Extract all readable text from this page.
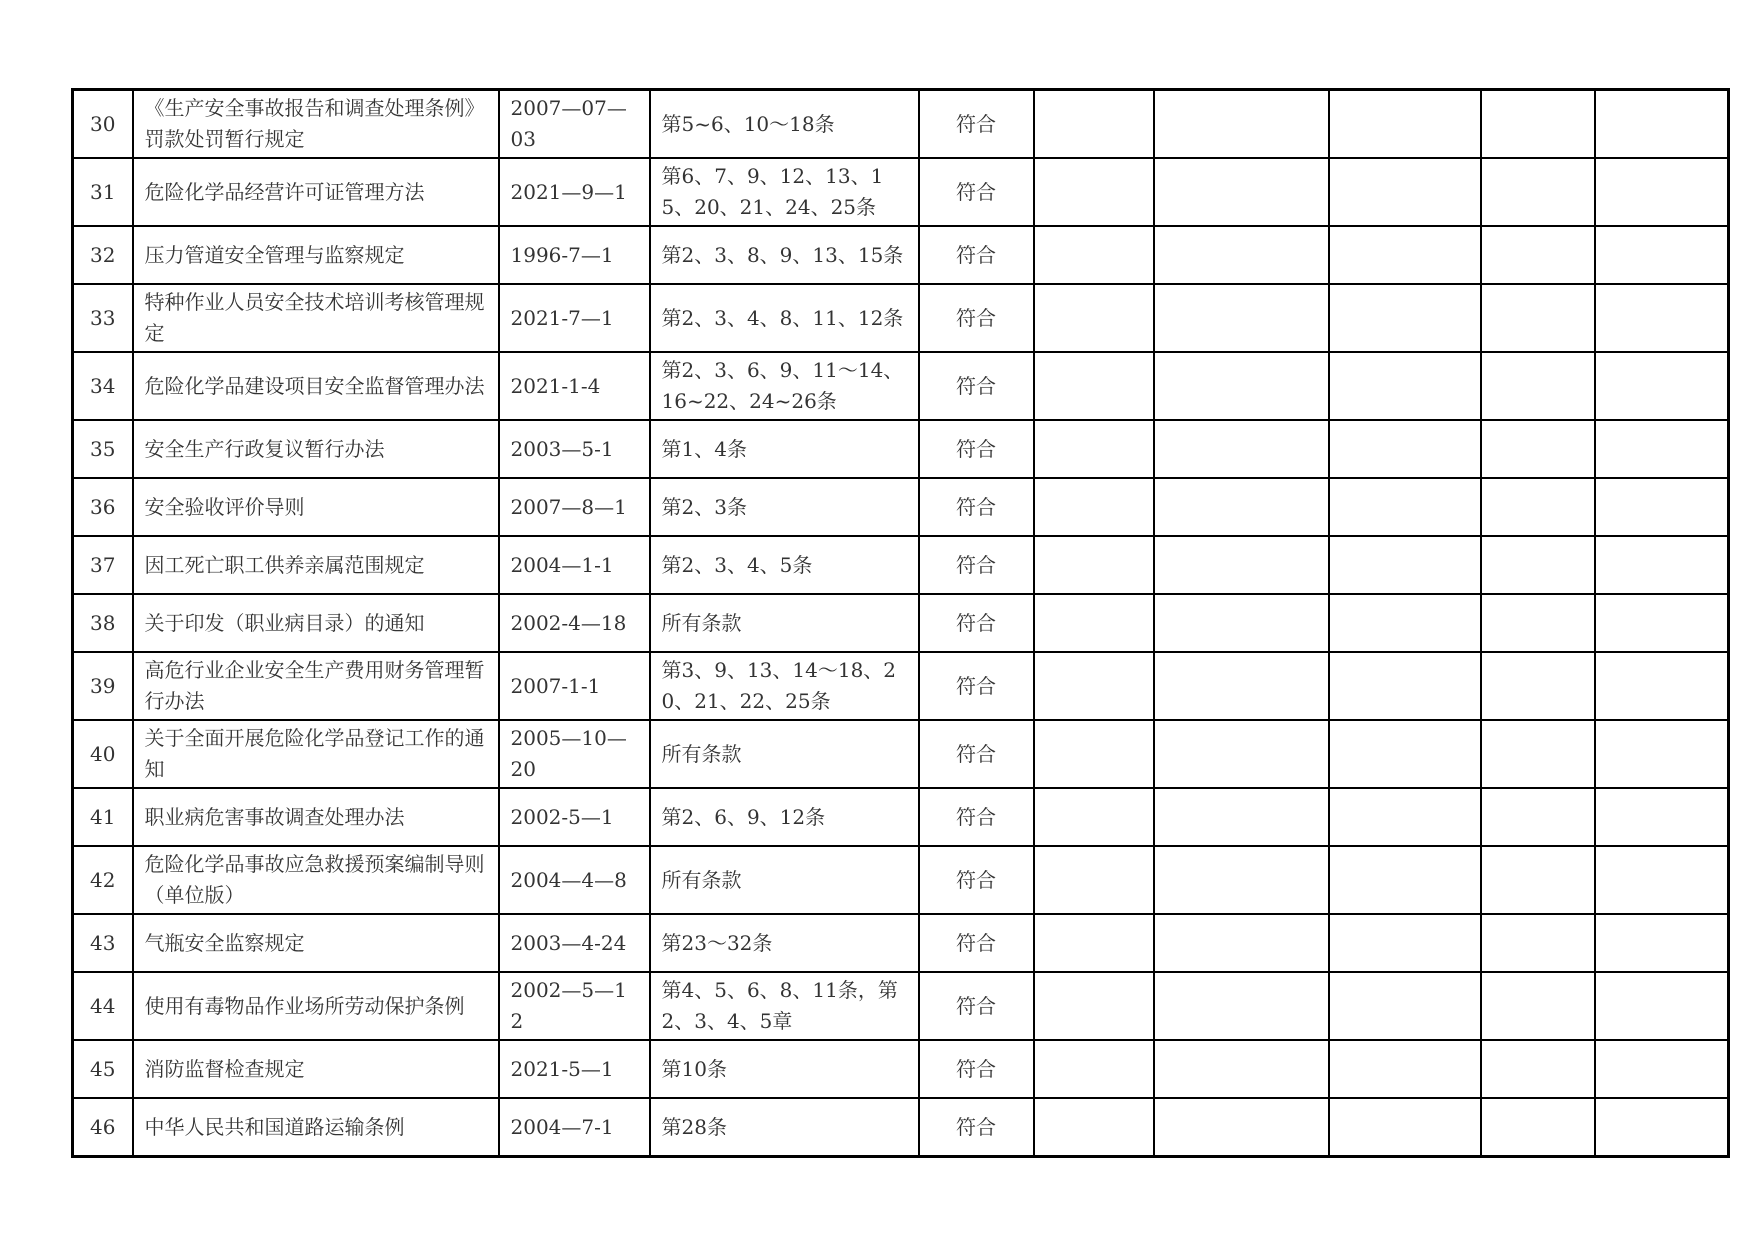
30	《生产安全事故报告和调查处理条例》罚款处罚暂行规定	2007—07—03	第5~6、10～18条	符合					
31	危险化学品经营许可证管理方法	2021—9—1	第6、7、9、12、13、15、20、21、24、25条	符合					
32	压力管道安全管理与监察规定	1996-7—1	第2、3、8、9、13、15条	符合					
33	特种作业人员安全技术培训考核管理规定	2021-7—1	第2、3、4、8、11、12条	符合					
34	危险化学品建设项目安全监督管理办法	2021-1-4	第2、3、6、9、11～14、16~22、24~26条	符合					
35	安全生产行政复议暂行办法	2003—5-1	第1、4条	符合					
36	安全验收评价导则	2007—8—1	第2、3条	符合					
37	因工死亡职工供养亲属范围规定	2004—1-1	第2、3、4、5条	符合					
38	关于印发（职业病目录）的通知	2002-4—18	所有条款	符合					
39	高危行业企业安全生产费用财务管理暂行办法	2007-1-1	第3、9、13、14～18、20、21、22、25条	符合					
40	关于全面开展危险化学品登记工作的通知	2005—10—20	所有条款	符合					
41	职业病危害事故调查处理办法	2002-5—1	第2、6、9、12条	符合					
42	危险化学品事故应急救援预案编制导则（单位版）	2004—4—8	所有条款	符合					
43	气瓶安全监察规定	2003—4-24	第23～32条	符合					
44	使用有毒物品作业场所劳动保护条例	2002—5—12	第4、5、6、8、11条，第2、3、4、5章	符合					
45	消防监督检查规定	2021-5—1	第10条	符合					
46	中华人民共和国道路运输条例	2004—7-1	第28条	符合					
